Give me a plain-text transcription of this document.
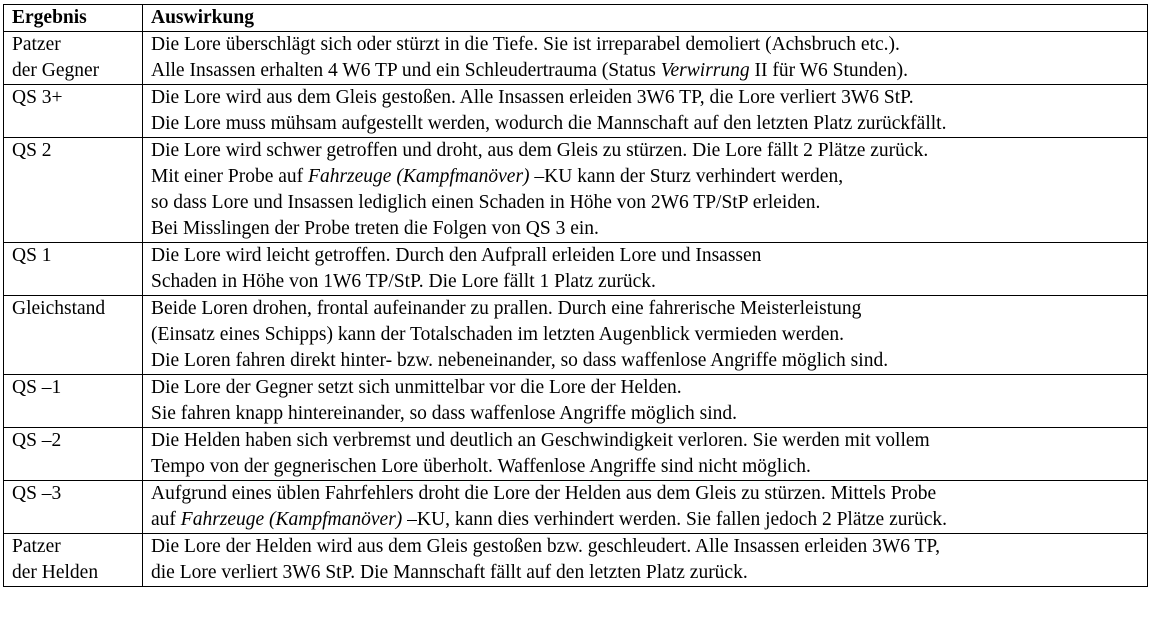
Ergebnis	Auswirkung

Patzer
der Gegner	Die Lore überschlägt sich oder stürzt in die Tiefe. Sie ist irreparabel demoliert (Achsbruch etc.).
Alle Insassen erhalten 4 W6 TP und ein Schleudertrauma (Status Verwirrung II für W6 Stunden).

QS 3+	Die Lore wird aus dem Gleis gestoßen. Alle Insassen erleiden 3W6 TP, die Lore verliert 3W6 StP.
Die Lore muss mühsam aufgestellt werden, wodurch die Mannschaft auf den letzten Platz zurückfällt.

QS 2	Die Lore wird schwer getroffen und droht, aus dem Gleis zu stürzen. Die Lore fällt 2 Plätze zurück.
Mit einer Probe auf Fahrzeuge (Kampfmanöver) –KU kann der Sturz verhindert werden,
so dass Lore und Insassen lediglich einen Schaden in Höhe von 2W6 TP/StP erleiden.
Bei Misslingen der Probe treten die Folgen von QS 3 ein.

QS 1	Die Lore wird leicht getroffen. Durch den Aufprall erleiden Lore und Insassen
Schaden in Höhe von 1W6 TP/StP. Die Lore fällt 1 Platz zurück.

Gleichstand	Beide Loren drohen, frontal aufeinander zu prallen. Durch eine fahrerische Meisterleistung
(Einsatz eines Schipps) kann der Totalschaden im letzten Augenblick vermieden werden.
Die Loren fahren direkt hinter- bzw. nebeneinander, so dass waffenlose Angriffe möglich sind.

QS –1	Die Lore der Gegner setzt sich unmittelbar vor die Lore der Helden.
Sie fahren knapp hintereinander, so dass waffenlose Angriffe möglich sind.

QS –2	Die Helden haben sich verbremst und deutlich an Geschwindigkeit verloren. Sie werden mit vollem
Tempo von der gegnerischen Lore überholt. Waffenlose Angriffe sind nicht möglich.

QS –3	Aufgrund eines üblen Fahrfehlers droht die Lore der Helden aus dem Gleis zu stürzen. Mittels Probe
auf Fahrzeuge (Kampfmanöver) –KU, kann dies verhindert werden. Sie fallen jedoch 2 Plätze zurück.

Patzer
der Helden	Die Lore der Helden wird aus dem Gleis gestoßen bzw. geschleudert. Alle Insassen erleiden 3W6 TP,
die Lore verliert 3W6 StP. Die Mannschaft fällt auf den letzten Platz zurück.
